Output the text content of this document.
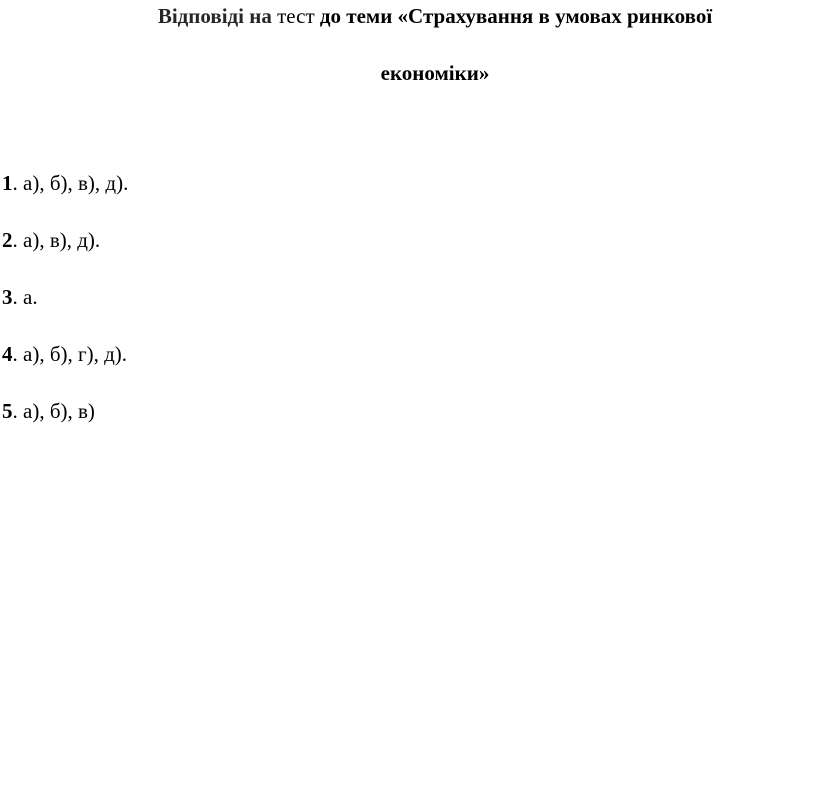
Відповіді на тест до теми «Страхування в умовах ринкової
економіки»
1. а), б), в), д).
2. а), в), д).
3. а.
4. а), б), г), д).
5. а), б), в)
